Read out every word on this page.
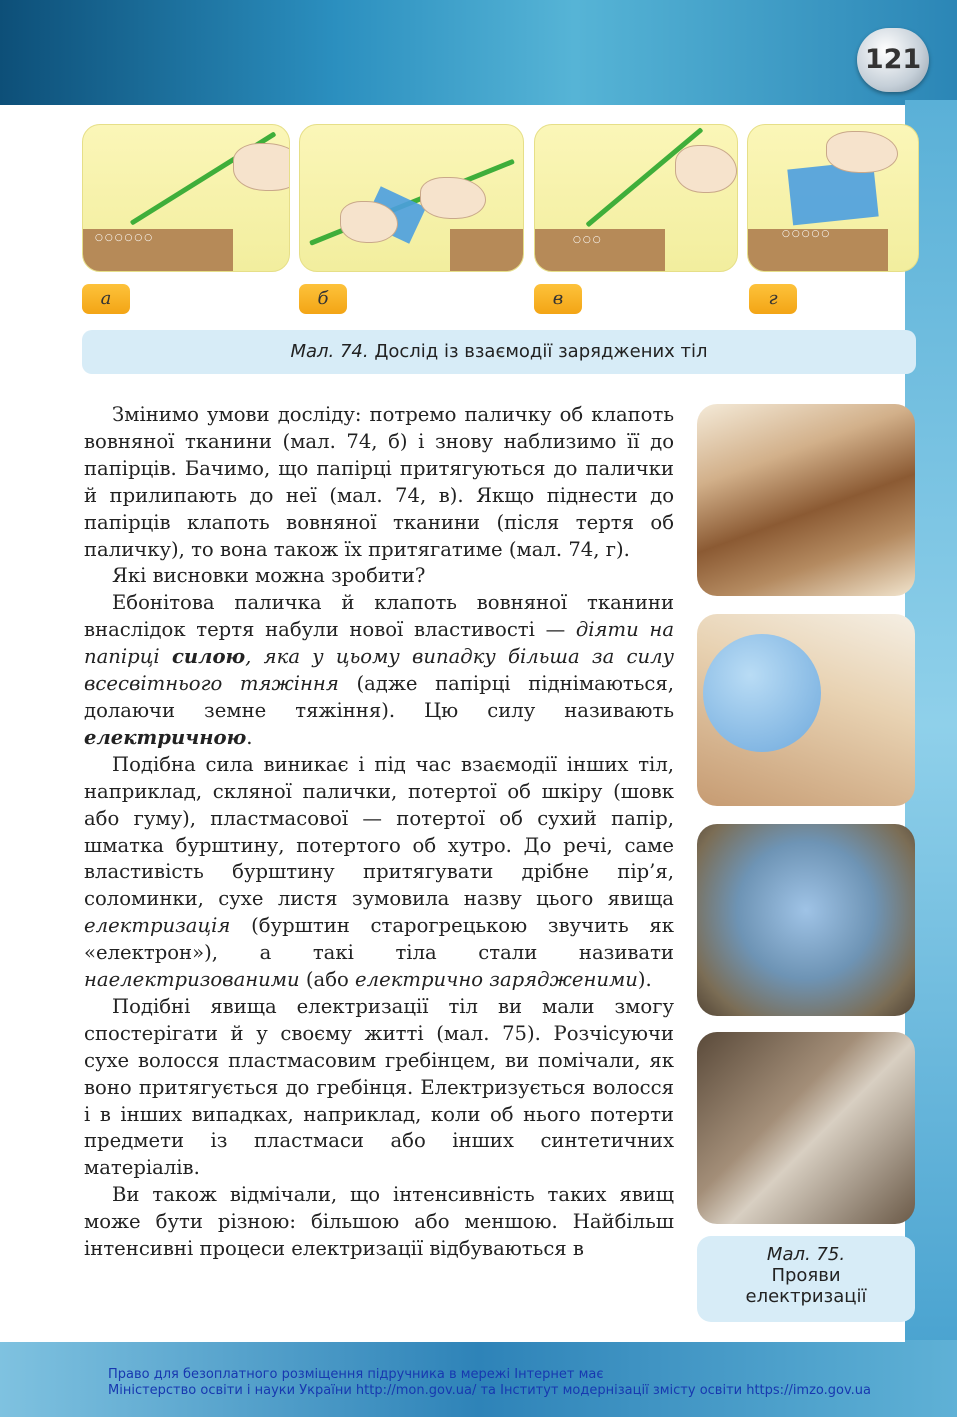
121
○○○○○○	○○○
○○○○○
а	б	в	г
Мал. 74. Дослід із взаємодії заряджених тіл

Змінимо умови досліду: потремо паличку об клапоть вовняної тканини (мал. 74, б) і знову наблизимо її до папірців. Бачимо, що папірці притягуються до палички й прилипають до неї (мал. 74, в). Якщо піднести до папірців клапоть вовняної тканини (після тертя об паличку), то вона також їх притягатиме (мал. 74, г).

Які висновки можна зробити?

Ебонітова паличка й клапоть вовняної тканини внаслідок тертя набули нової властивості — діяти на папірці силою, яка у цьому випадку більша за силу всесвітнього тяжіння (адже папірці піднімаються, долаючи земне тяжіння). Цю силу називають електричною.

Подібна сила виникає і під час взаємодії інших тіл, наприклад, скляної палички, потертої об шкіру (шовк або гуму), пластмасової — потертої об сухий папір, шматка бурштину, потертого об хутро. До речі, саме властивість бурштину притягувати дрібне пір’я, соломинки, сухе листя зумовила назву цього явища електризація (бурштин старогрецькою звучить як «електрон»), а такі тіла стали називати наелектризованими (або електрично зарядженими).

Подібні явища електризації тіл ви мали змогу спостерігати й у своєму житті (мал. 75). Розчісуючи сухе волосся пластмасовим гребінцем, ви помічали, як воно притягується до гребінця. Електризується волосся і в інших випадках, наприклад, коли об нього потерти предмети із пластмаси або інших синтетичних матеріалів.

Ви також відмічали, що інтенсивність таких явищ може бути різною: більшою або меншою. Найбільш інтенсивні процеси електризації відбуваються в	Мал. 75.
Прояви
електризації
Право для безоплатного розміщення підручника в мережі Інтернет має
Міністерство освіти і науки України http://mon.gov.ua/ та Інститут модернізації змісту освіти https://imzo.gov.ua
